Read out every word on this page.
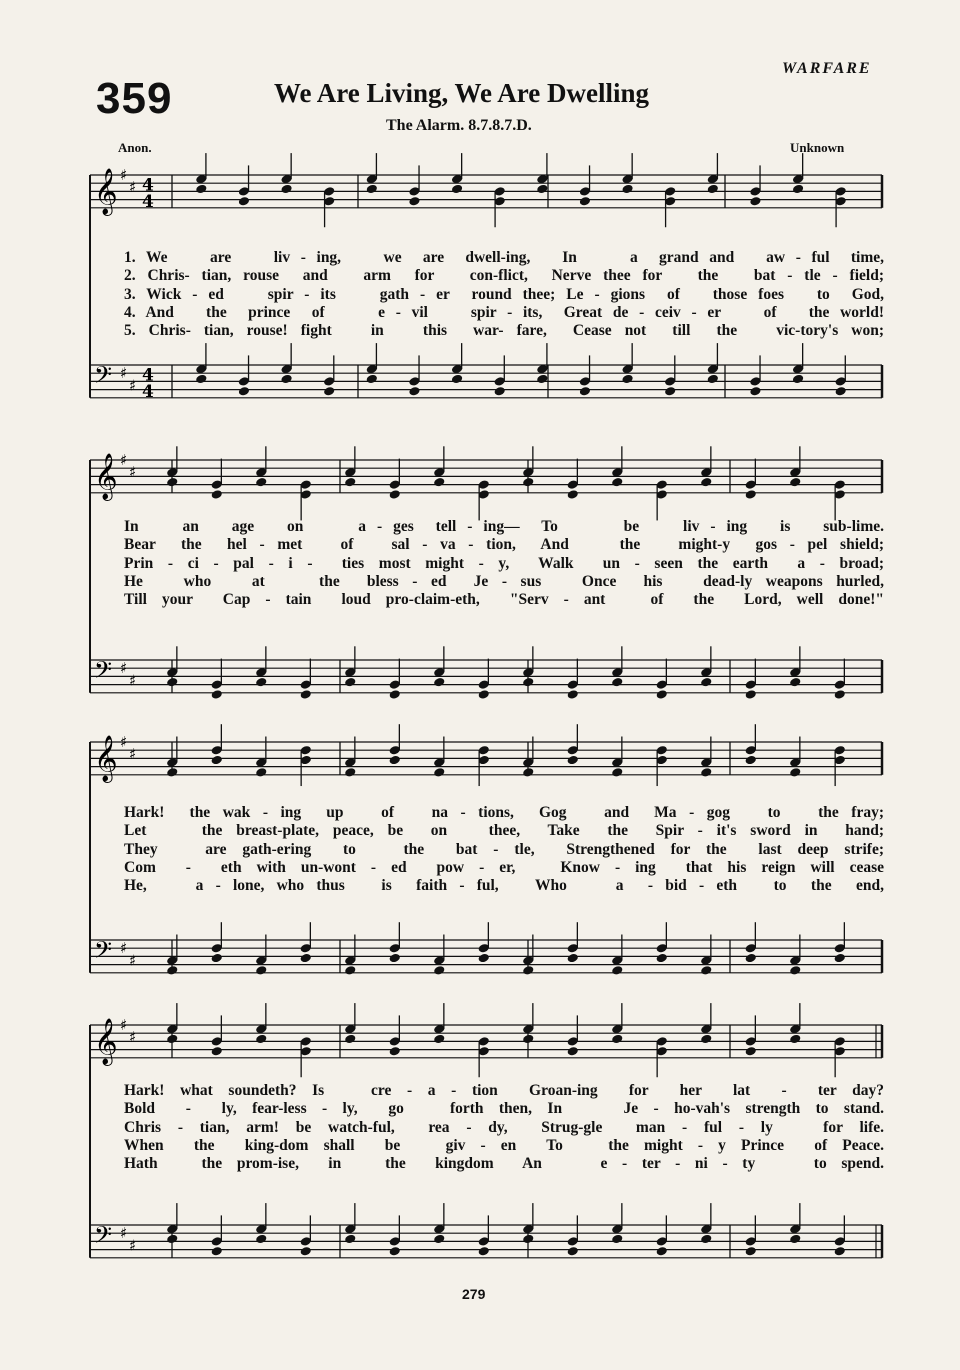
359	We Are Living, We Are Dwelling
WARFARE
The Alarm. 8.7.8.7.D.
Anon.	Unknown
𝄞 ♯
♯ 4
4
𝄢 ♯
♯ 4
4
1. We    are    liv - ing,    we  are  dwell-ing,   In     a  grand and   aw - ful  time,
2. Chris- tian, rouse  and   arm  for   con-flict,  Nerve thee for   the   bat - tle - field;
3. Wick - ed    spir - its    gath - er  round thee; Le - gions  of   those foes   to  God,
4. And   the  prince  of     e - vil    spir - its,  Great de - ceiv - er    of   the world!
5. Chris- tian, rouse! fight   in   this  war- fare,  Cease not  till  the   vic-tory's won;
𝄞 ♯
♯
𝄢 ♯
♯
In    an   age   on     a - ges  tell - ing—  To      be    liv - ing   is   sub-lime.
Bear  the  hel - met   of   sal - va - tion,  And    the   might-y  gos - pel shield;
Prin - ci - pal - i -  ties most might - y,  Walk  un - seen the earth  a - broad;
He   who   at    the  bless - ed  Je - sus   Once  his   dead-ly weapons hurled,
Till your  Cap - tain  loud pro-claim-eth,  "Serv - ant   of  the  Lord, well done!"
𝄞 ♯
♯
𝄢 ♯
♯
Hark!  the wak - ing  up   of   na - tions,  Gog   and  Ma - gog   to   the fray;
Let    the breast-plate, peace, be  on   thee,  Take  the  Spir - it's sword in  hand;
They   are gath-ering  to   the  bat - tle,  Strengthened for the  last deep strife;
Com  -  eth with un-wont - ed  pow - er,   Know - ing  that his reign will cease
He,    a - lone, who thus   is  faith - ful,   Who    a  - bid - eth   to  the  end,
𝄞 ♯
♯
𝄢 ♯
♯
Hark! what soundeth? Is   cre - a - tion  Groan-ing  for  her  lat  -  ter day?
Bold  -  ly, fear-less - ly,  go   forth then, In    Je - ho-vah's strength to stand.
Chris - tian, arm! be watch-ful,  rea - dy,  Strug-gle  man - ful - ly   for life.
When  the  king-dom shall  be   giv - en  To   the might - y Prince  of Peace.
Hath   the prom-ise,  in   the  kingdom  An    e - ter - ni - ty    to spend.
279
